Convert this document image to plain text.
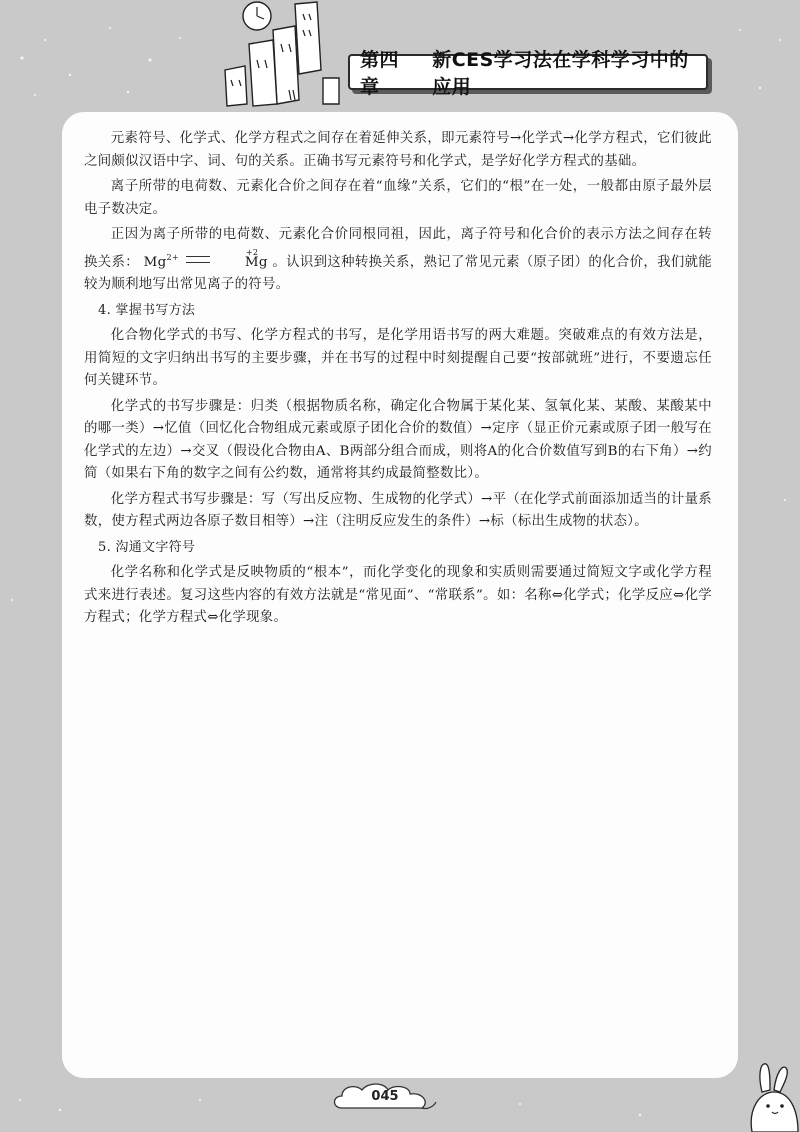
第四章
新CES学习法在学科学习中的应用

元素符号、化学式、化学方程式之间存在着延伸关系，即元素符号→化学式→化学方程式，它们彼此之间颇似汉语中字、词、句的关系。正确书写元素符号和化学式，是学好化学方程式的基础。

离子所带的电荷数、元素化合价之间存在着“血缘”关系，它们的“根”在一处，一般都由原子最外层电子数决定。

正因为离子所带的电荷数、元素化合价同根同祖，因此，离子符号和化合价的表示方法之间存在转换关系： $Mg^{2+}$
+2
Mg 。认识到这种转换关系，熟记了常见元素（原子团）的化合价，我们就能较为顺利地写出常见离子的符号。

4. 掌握书写方法

化合物化学式的书写、化学方程式的书写，是化学用语书写的两大难题。突破难点的有效方法是，用简短的文字归纳出书写的主要步骤，并在书写的过程中时刻提醒自己要“按部就班”进行，不要遗忘任何关键环节。

化学式的书写步骤是：归类（根据物质名称，确定化合物属于某化某、氢氧化某、某酸、某酸某中的哪一类）→忆值（回忆化合物组成元素或原子团化合价的数值）→定序（显正价元素或原子团一般写在化学式的左边）→交叉（假设化合物由A、B两部分组合而成，则将A的化合价数值写到B的右下角）→约简（如果右下角的数字之间有公约数，通常将其约成最简整数比）。

化学方程式书写步骤是：写（写出反应物、生成物的化学式）→平（在化学式前面添加适当的计量系数，使方程式两边各原子数目相等）→注（注明反应发生的条件）→标（标出生成物的状态）。

5. 沟通文字符号

化学名称和化学式是反映物质的“根本”，而化学变化的现象和实质则需要通过简短文字或化学方程式来进行表述。复习这些内容的有效方法就是“常见面”、“常联系”。如：名称⇔化学式；化学反应⇔化学方程式；化学方程式⇔化学现象。

045
